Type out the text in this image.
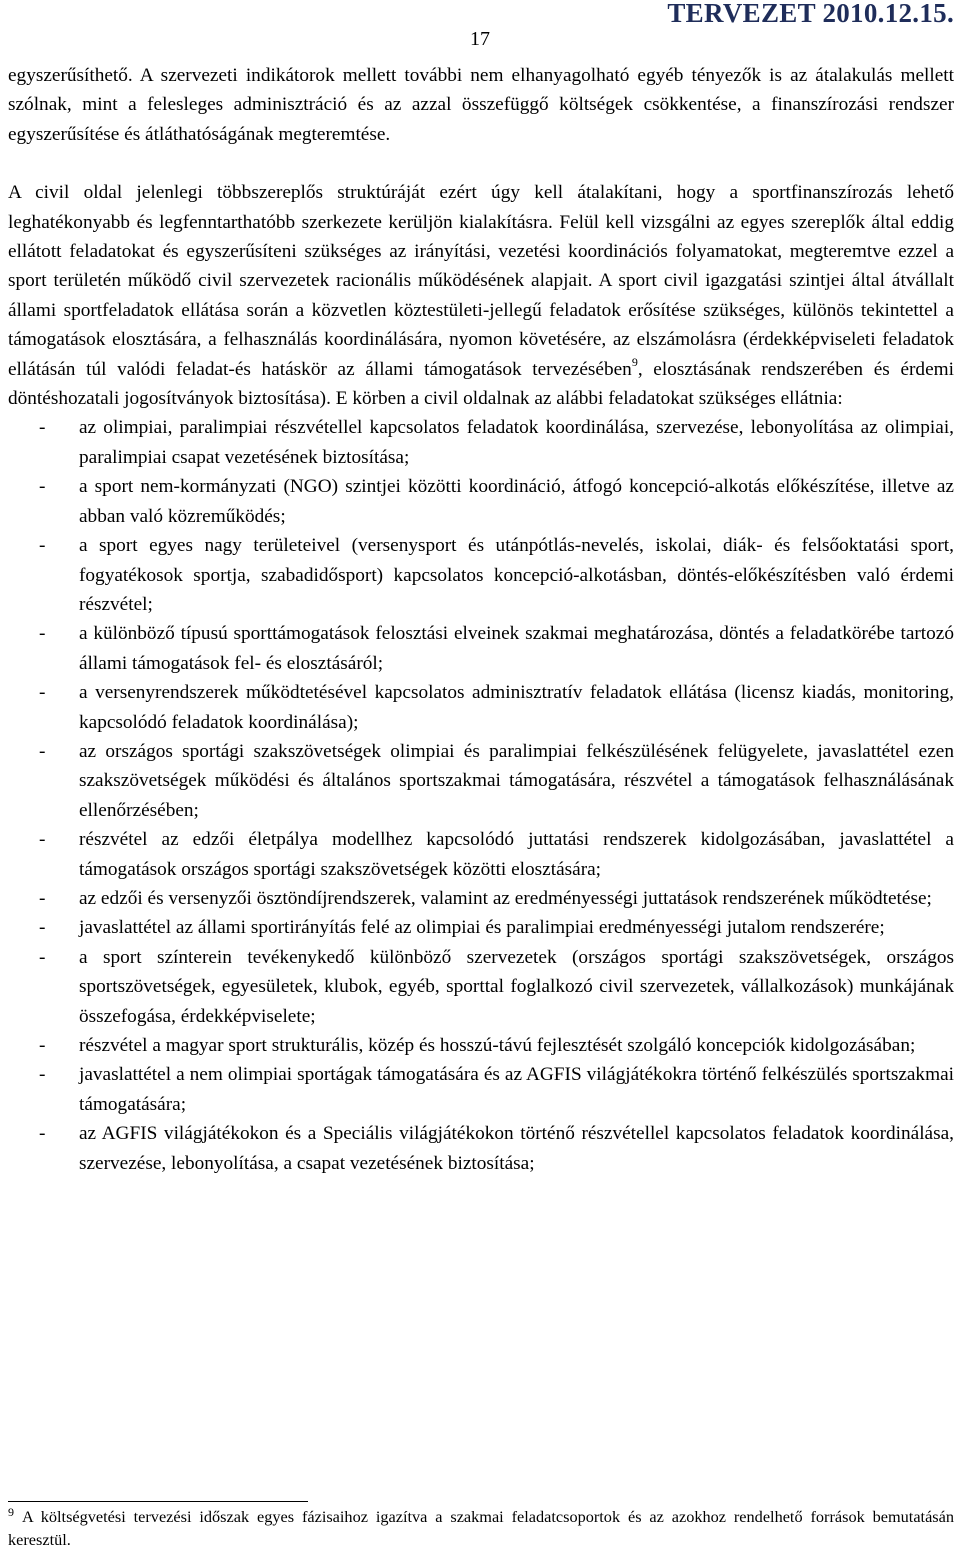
17
TERVEZET 2010.12.15.

egyszerűsíthető. A szervezeti indikátorok mellett további nem elhanyagolható egyéb tényezők is az átalakulás mellett szólnak, mint a felesleges adminisztráció és az azzal összefüggő költségek csökkentése, a finanszírozási rendszer egyszerűsítése és átláthatóságának megteremtése.

A civil oldal jelenlegi többszereplős struktúráját ezért úgy kell átalakítani, hogy a sportfinanszírozás lehető leghatékonyabb és legfenntarthatóbb szerkezete kerüljön kialakításra. Felül kell vizsgálni az egyes szereplők által eddig ellátott feladatokat és egyszerűsíteni szükséges az irányítási, vezetési koordinációs folyamatokat, megteremtve ezzel a sport területén működő civil szervezetek racionális működésének alapjait. A sport civil igazgatási szintjei által átvállalt állami sportfeladatok ellátása során a közvetlen köztestületi-jellegű feladatok erősítése szükséges, különös tekintettel a támogatások elosztására, a felhasználás koordinálására, nyomon követésére, az elszámolásra (érdekképviseleti feladatok ellátásán túl valódi feladat-és hatáskör az állami támogatások tervezésében$^9$, elosztásának rendszerében és érdemi döntéshozatali jogosítványok biztosítása). E körben a civil oldalnak az alábbi feladatokat szükséges ellátnia:

- az olimpiai, paralimpiai részvétellel kapcsolatos feladatok koordinálása, szervezése, lebonyolítása az olimpiai, paralimpiai csapat vezetésének biztosítása;
- a sport nem-kormányzati (NGO) szintjei közötti koordináció, átfogó koncepció-alkotás előkészítése, illetve az abban való közreműködés;
- a sport egyes nagy területeivel (versenysport és utánpótlás-nevelés, iskolai, diák- és felsőoktatási sport, fogyatékosok sportja, szabadidősport) kapcsolatos koncepció-alkotásban, döntés-előkészítésben való érdemi részvétel;
- a különböző típusú sporttámogatások felosztási elveinek szakmai meghatározása, döntés a feladatkörébe tartozó állami támogatások fel- és elosztásáról;
- a versenyrendszerek működtetésével kapcsolatos adminisztratív feladatok ellátása (licensz kiadás, monitoring, kapcsolódó feladatok koordinálása);
- az országos sportági szakszövetségek olimpiai és paralimpiai felkészülésének felügyelete, javaslattétel ezen szakszövetségek működési és általános sportszakmai támogatására, részvétel a támogatások felhasználásának ellenőrzésében;
- részvétel az edzői életpálya modellhez kapcsolódó juttatási rendszerek kidolgozásában, javaslattétel a támogatások országos sportági szakszövetségek közötti elosztására;
- az edzői és versenyzői ösztöndíjrendszerek, valamint az eredményességi juttatások rendszerének működtetése;
- javaslattétel az állami sportirányítás felé az olimpiai és paralimpiai eredményességi jutalom rendszerére;
- a sport színterein tevékenykedő különböző szervezetek (országos sportági szakszövetségek, országos sportszövetségek, egyesületek, klubok, egyéb, sporttal foglalkozó civil szervezetek, vállalkozások) munkájának összefogása, érdekképviselete;
- részvétel a magyar sport strukturális, közép és hosszú-távú fejlesztését szolgáló koncepciók kidolgozásában;
- javaslattétel a nem olimpiai sportágak támogatására és az AGFIS világjátékokra történő felkészülés sportszakmai támogatására;
- az AGFIS világjátékokon és a Speciális világjátékokon történő részvétellel kapcsolatos feladatok koordinálása, szervezése, lebonyolítása, a csapat vezetésének biztosítása;
$^9$ A költségvetési tervezési időszak egyes fázisaihoz igazítva a szakmai feladatcsoportok és az azokhoz rendelhető források bemutatásán keresztül.
